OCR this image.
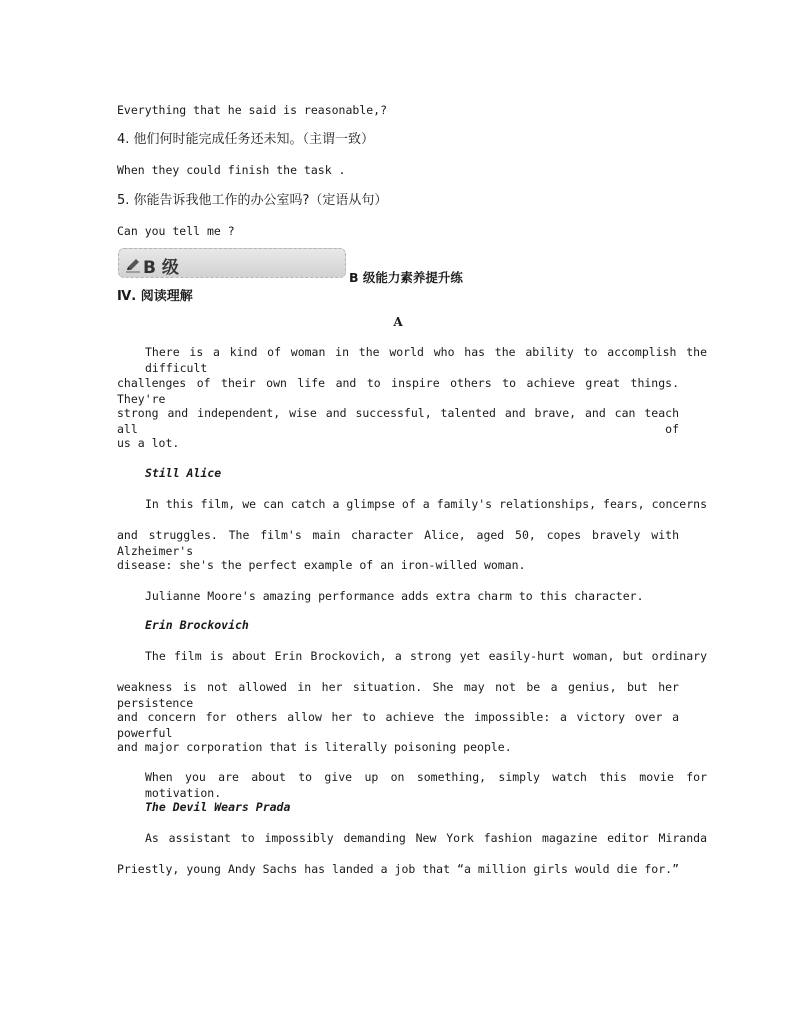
Everything that he said is reasonable,?
4. 他们何时能完成任务还未知。（主谓一致）
When they could finish the task .
5. 你能告诉我他工作的办公室吗?（定语从句）
Can you tell me ?
B 级	B 级能力素养提升练
Ⅳ. 阅读理解
A
There is a kind of woman in the world who has the ability to accomplish the difficult
challenges of their own life and to inspire others to achieve great things. They're
strong and independent, wise and successful, talented and brave, and can teach all of
us a lot.
Still Alice
In this film, we can catch a glimpse of a family's relationships, fears, concerns
and struggles. The film's main character Alice, aged 50, copes bravely with Alzheimer's
disease: she's the perfect example of an iron-willed woman.
Julianne Moore's amazing performance adds extra charm to this character.
Erin Brockovich
The film is about Erin Brockovich, a strong yet easily-hurt woman, but ordinary
weakness is not allowed in her situation. She may not be a genius, but her persistence
and concern for others allow her to achieve the impossible: a victory over a powerful
and major corporation that is literally poisoning people.
When you are about to give up on something, simply watch this movie for motivation.
The Devil Wears Prada
As assistant to impossibly demanding New York fashion magazine editor Miranda
Priestly, young Andy Sachs has landed a job that “a million girls would die for.”
